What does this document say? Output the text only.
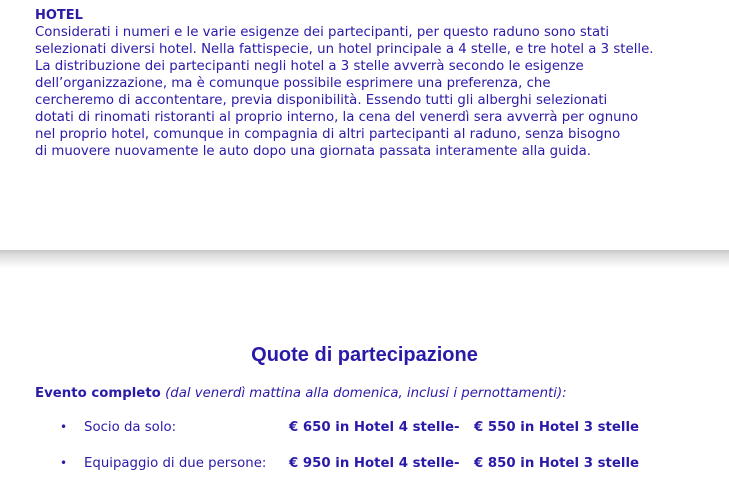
HOTEL

Considerati i numeri e le varie esigenze dei partecipanti, per questo raduno sono stati

selezionati diversi hotel. Nella fattispecie, un hotel principale a 4 stelle, e tre hotel a 3 stelle.

La distribuzione dei partecipanti negli hotel a 3 stelle avverrà secondo le esigenze

dell’organizzazione, ma è comunque possibile esprimere una preferenza, che

cercheremo di accontentare, previa disponibilità. Essendo tutti gli alberghi selezionati

dotati di rinomati ristoranti al proprio interno, la cena del venerdì sera avverrà per ognuno

nel proprio hotel, comunque in compagnia di altri partecipanti al raduno, senza bisogno

di muovere nuovamente le auto dopo una giornata passata interamente alla guida.

Quote di partecipazione
Evento completo (dal venerdì mattina alla domenica, inclusi i pernottamenti):
• Socio da solo:	€ 650 in Hotel 4 stelle - € 550 in Hotel 3 stelle
• Equipaggio di due persone: € 950 in Hotel 4 stelle - € 850 in Hotel 3 stelle
